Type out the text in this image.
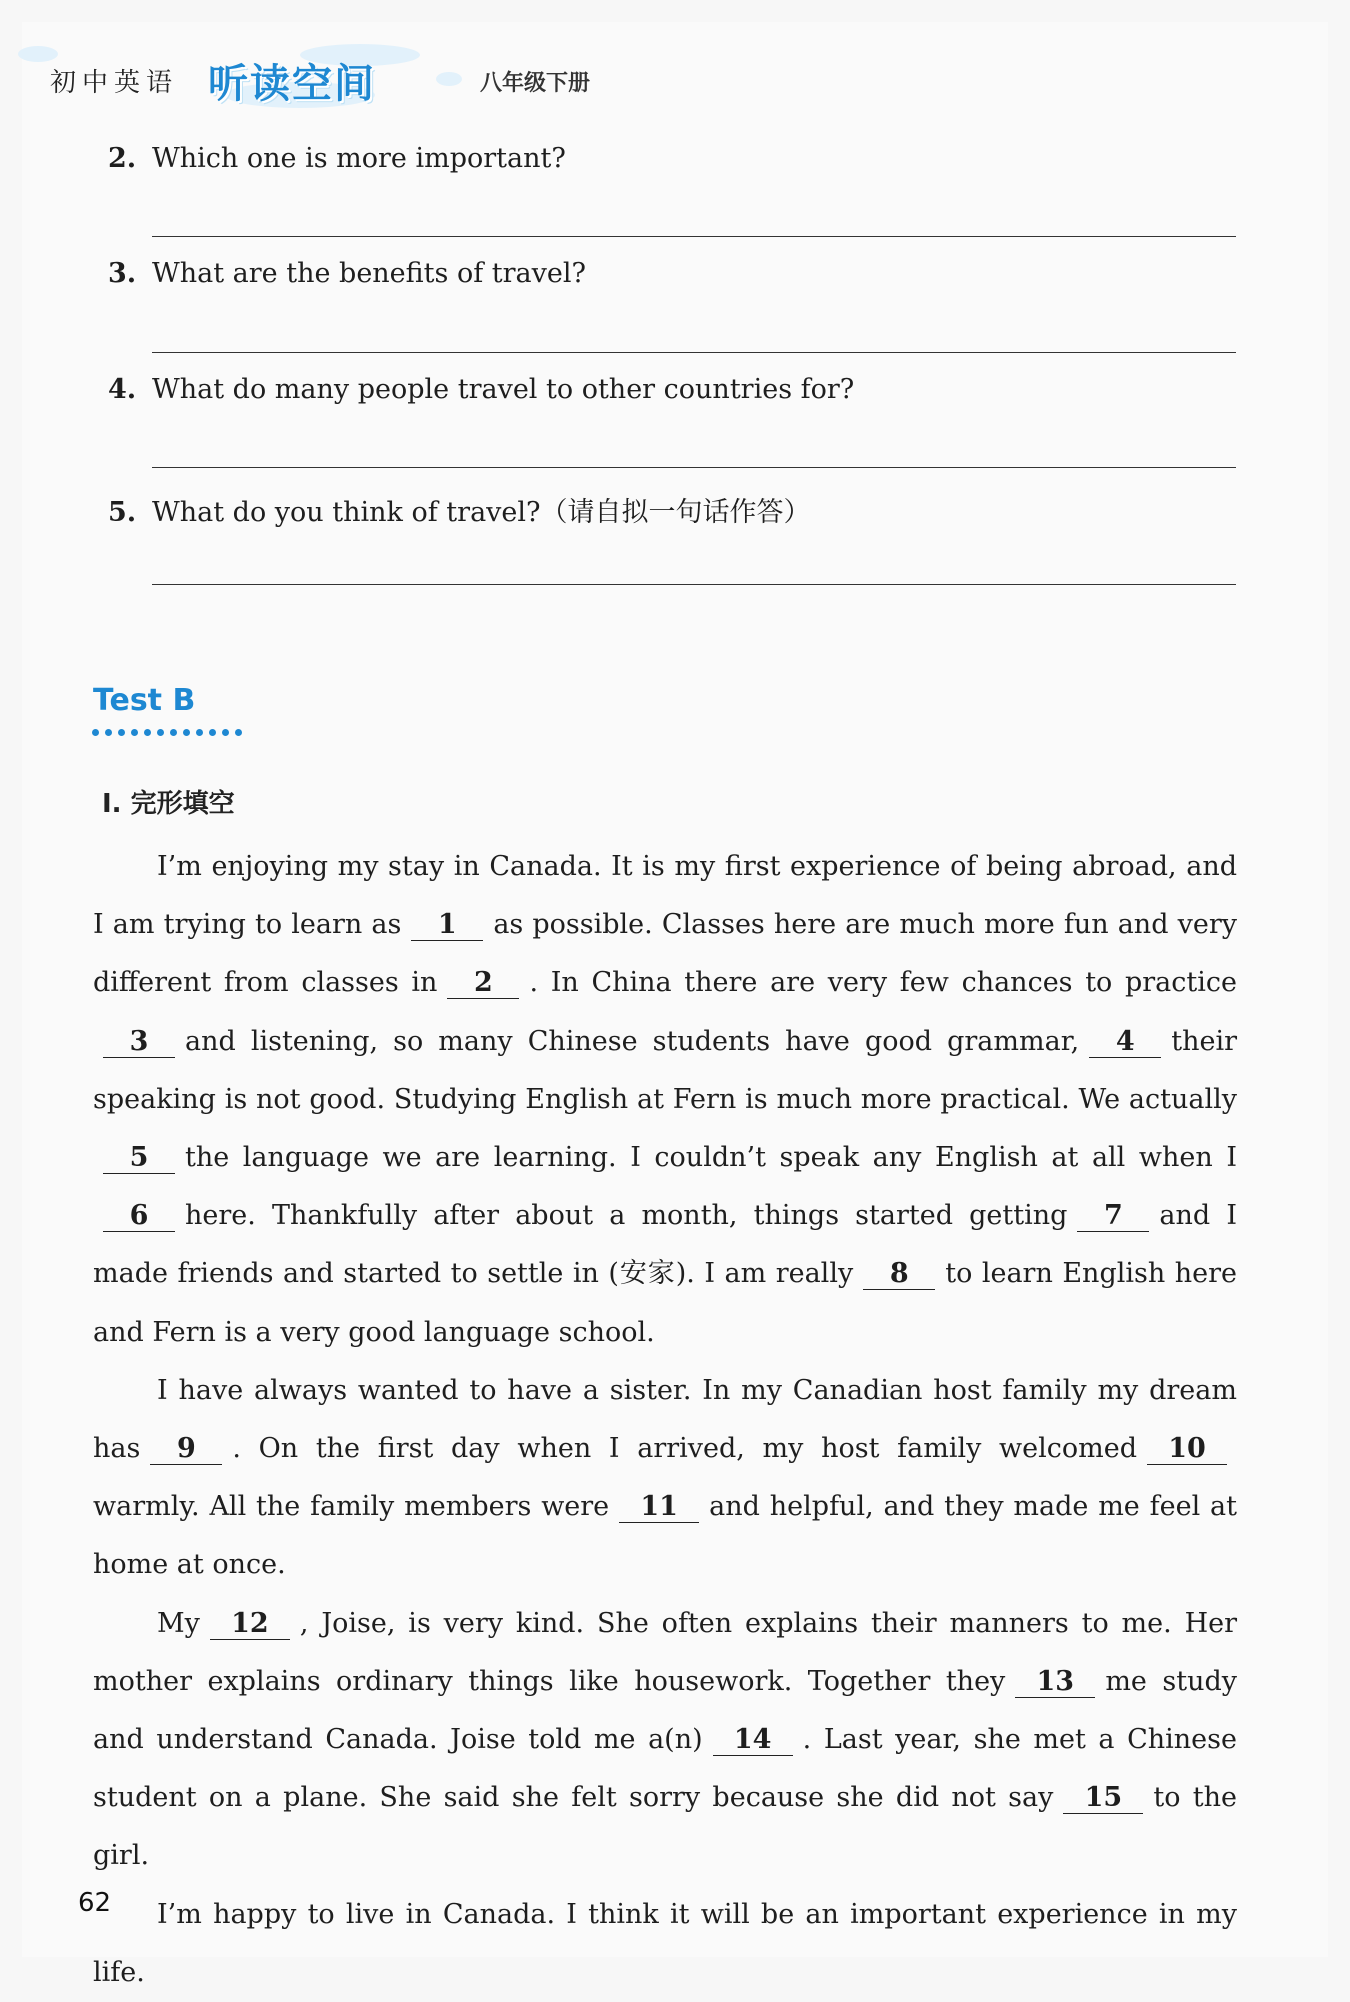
初中英语 听读空间	八年级下册
2. Which one is more important?
3. What are the benefits of travel?
4. What do many people travel to other countries for?
5. What do you think of travel?（请自拟一句话作答）
Test B
Ⅰ. 完形填空

I’m enjoying my stay in Canada. It is my first experience of being abroad, and I am trying to learn as 1 as possible. Classes here are much more fun and very different from classes in 2 . In China there are very few chances to practice3 and listening, so many Chinese students have good grammar, 4 their speaking is not good. Studying English at Fern is much more practical. We actually5 the language we are learning. I couldn’t speak any English at all when I6 here. Thankfully after about a month, things started getting 7 and I made friends and started to settle in (安家). I am really 8 to learn English here and Fern is a very good language school.

I have always wanted to have a sister. In my Canadian host family my dream has 9 . On the first day when I arrived, my host family welcomed 10warmly. All the family members were 11 and helpful, and they made me feel at home at once.

My 12 , Joise, is very kind. She often explains their manners to me. Her mother explains ordinary things like housework. Together they 13 me study and understand Canada. Joise told me a(n) 14 . Last year, she met a Chinese student on a plane. She said she felt sorry because she did not say 15 to the girl.

I’m happy to live in Canada. I think it will be an important experience in my life.

62
